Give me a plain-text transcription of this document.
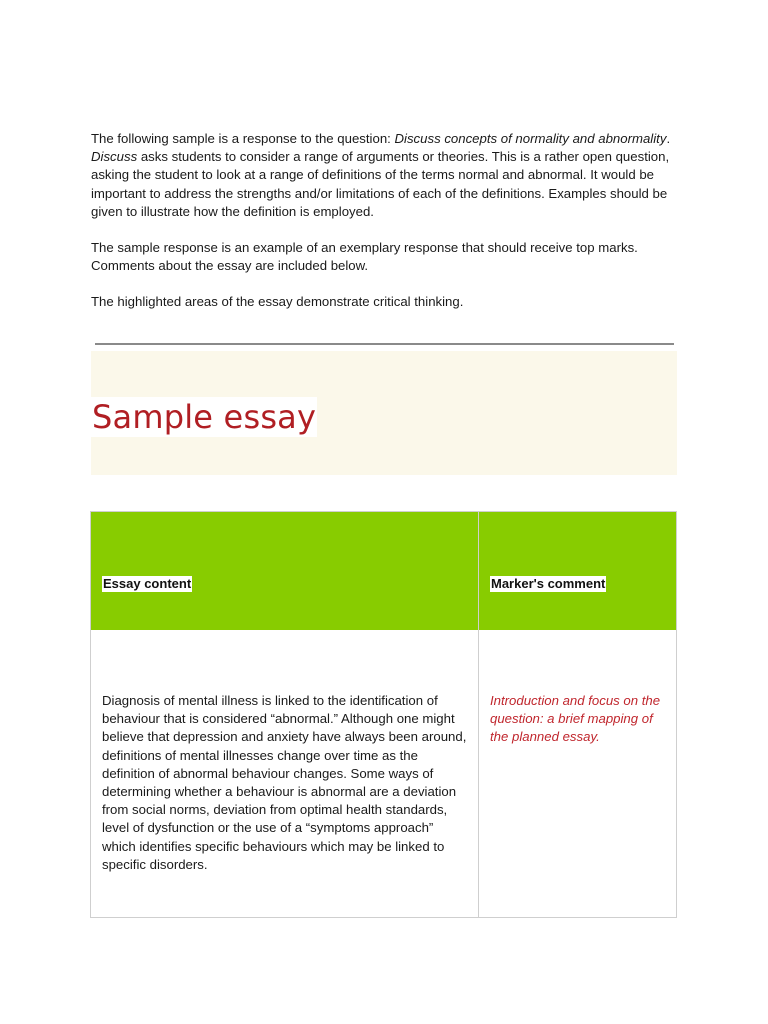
The following sample is a response to the question: Discuss concepts of normality and abnormality. Discuss asks students to consider a range of arguments or theories. This is a rather open question, asking the student to look at a range of definitions of the terms normal and abnormal. It would be important to address the strengths and/or limitations of each of the definitions. Examples should be given to illustrate how the definition is employed.

The sample response is an example of an exemplary response that should receive top marks. Comments about the essay are included below.

The highlighted areas of the essay demonstrate critical thinking.

Sample essay
Essay content	Marker's comment
Diagnosis of mental illness is linked to the identification of behaviour that is considered “abnormal.” Although one might believe that depression and anxiety have always been around, definitions of mental illnesses change over time as the definition of abnormal behaviour changes. Some ways of determining whether a behaviour is abnormal are a deviation from social norms, deviation from optimal health standards, level of dysfunction or the use of a “symptoms approach” which identifies specific behaviours which may be linked to specific disorders.
Introduction and focus on the question: a brief mapping of the planned essay.
